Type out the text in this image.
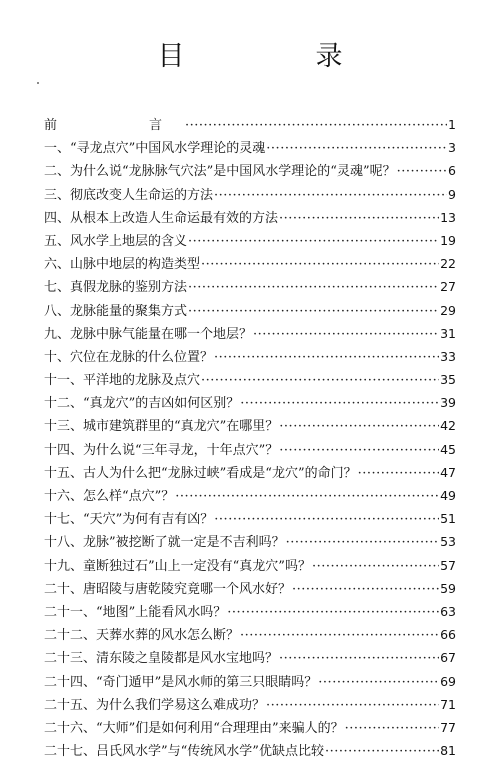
目　录
前　　言 ·····	1
一、“寻龙点穴”中国风水学理论的灵魂 ·····	3
二、为什么说“龙脉脉气穴法”是中国风水学理论的“灵魂”呢？ ·····	6
三、彻底改变人生命运的方法 ·····	9
四、从根本上改造人生命运最有效的方法 ·····	13
五、风水学上地层的含义 ·····	19
六、山脉中地层的构造类型 ·····	22
七、真假龙脉的鉴别方法 ·····	27
八、龙脉能量的聚集方式 ·····	29
九、龙脉中脉气能量在哪一个地层？ ·····	31
十、穴位在龙脉的什么位置？ ·····	33
十一、平洋地的龙脉及点穴 ·····	35
十二、“真龙穴”的吉凶如何区别？ ·····	39
十三、城市建筑群里的“真龙穴”在哪里？ ·····	42
十四、为什么说“三年寻龙，十年点穴”？ ·····	45
十五、古人为什么把“龙脉过峡”看成是“龙穴”的命门？ ·····	47
十六、怎么样“点穴”？ ·····	49
十七、“天穴”为何有吉有凶？ ·····	51
十八、龙脉”被挖断了就一定是不吉利吗？ ·····	53
十九、童断独过石”山上一定没有“真龙穴”吗？ ·····	57
二十、唐昭陵与唐乾陵究竟哪一个风水好？ ·····	59
二十一、“地图”上能看风水吗？ ·····	63
二十二、天葬水葬的风水怎么断？ ·····	66
二十三、清东陵之皇陵都是风水宝地吗？ ·····	67
二十四、“奇门遁甲”是风水师的第三只眼睛吗？ ·····	69
二十五、为什么我们学易这么难成功？ ·····	71
二十六、“大师”们是如何利用“合理理由”来骗人的？ ·····	77
二十七、吕氏风水学”与“传统风水学”优缺点比较 ·····	81
